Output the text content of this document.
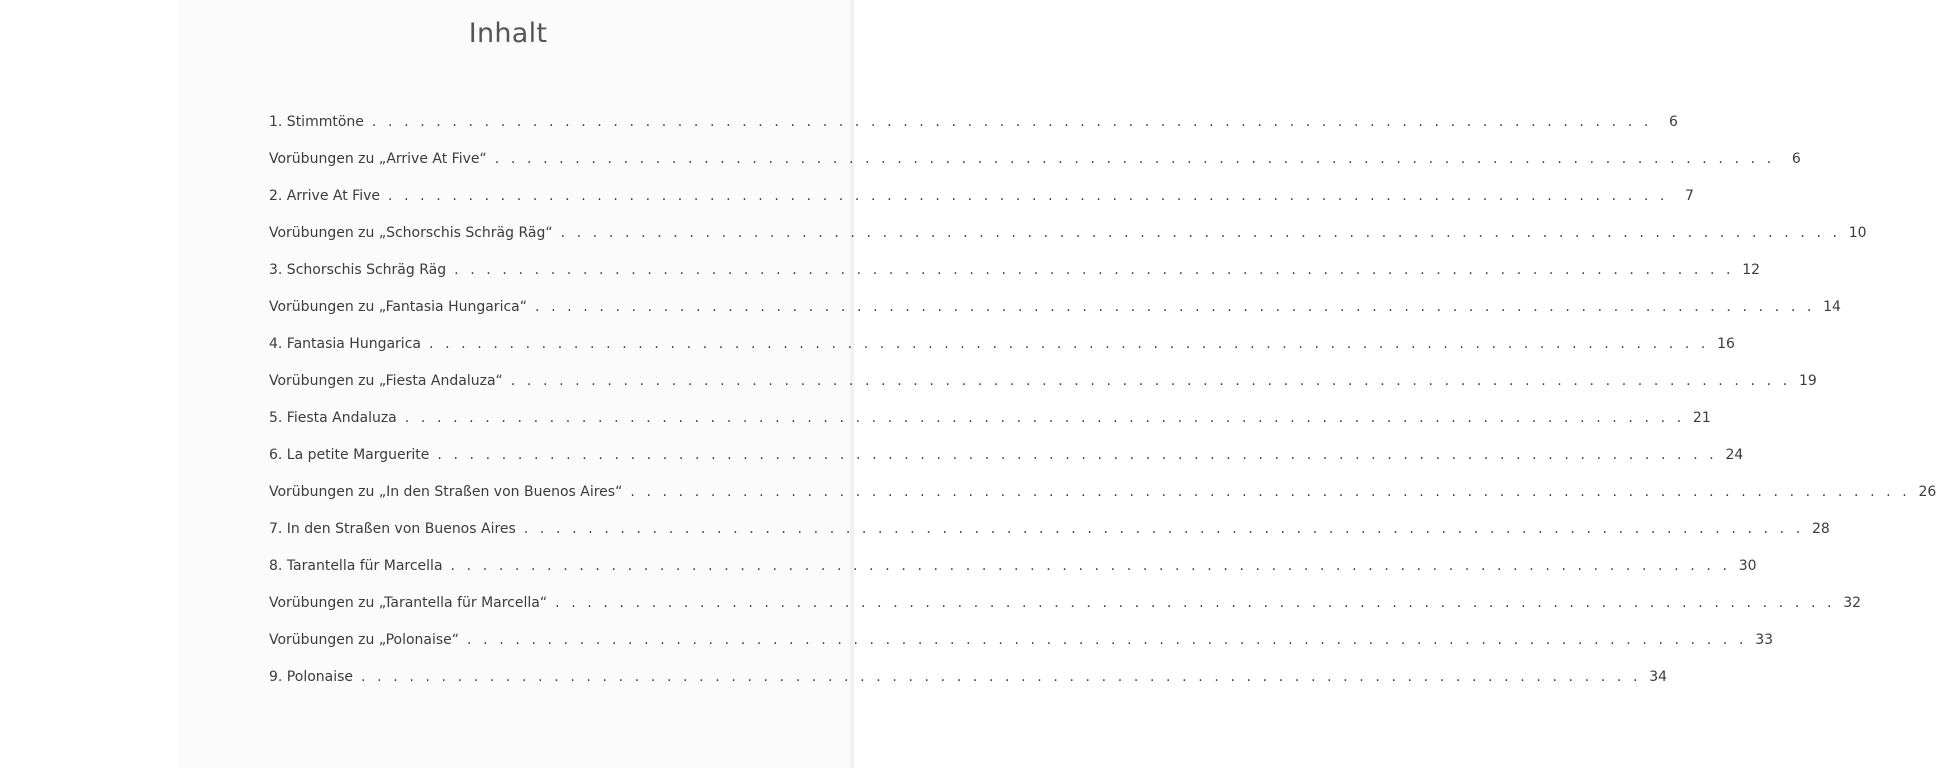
Inhalt
1. Stimmtöne . . . . . . . . . . . . . . . . . . . . . . . . . . . . . . . . . . . . . . . . . . . . . . . . . . . . . . . . . . . . . . . . . . . . . . . . . . . . . . . .	6
Vorübungen zu „Arrive At Five“ . . . . . . . . . . . . . . . . . . . . . . . . . . . . . . . . . . . . . . . . . . . . . . . . . . . . . . . . . . . . . . . . . . . . . . . . . . . . . . . .	6
2. Arrive At Five . . . . . . . . . . . . . . . . . . . . . . . . . . . . . . . . . . . . . . . . . . . . . . . . . . . . . . . . . . . . . . . . . . . . . . . . . . . . . . . .	7
Vorübungen zu „Schorschis Schräg Räg“ . . . . . . . . . . . . . . . . . . . . . . . . . . . . . . . . . . . . . . . . . . . . . . . . . . . . . . . . . . . . . . . . . . . . . . . . . . . . . . . . 10
3. Schorschis Schräg Räg . . . . . . . . . . . . . . . . . . . . . . . . . . . . . . . . . . . . . . . . . . . . . . . . . . . . . . . . . . . . . . . . . . . . . . . . . . . . . . . . 12
Vorübungen zu „Fantasia Hungarica“ . . . . . . . . . . . . . . . . . . . . . . . . . . . . . . . . . . . . . . . . . . . . . . . . . . . . . . . . . . . . . . . . . . . . . . . . . . . . . . . . 14
4. Fantasia Hungarica . . . . . . . . . . . . . . . . . . . . . . . . . . . . . . . . . . . . . . . . . . . . . . . . . . . . . . . . . . . . . . . . . . . . . . . . . . . . . . . . 16
Vorübungen zu „Fiesta Andaluza“ . . . . . . . . . . . . . . . . . . . . . . . . . . . . . . . . . . . . . . . . . . . . . . . . . . . . . . . . . . . . . . . . . . . . . . . . . . . . . . . . 19
5. Fiesta Andaluza . . . . . . . . . . . . . . . . . . . . . . . . . . . . . . . . . . . . . . . . . . . . . . . . . . . . . . . . . . . . . . . . . . . . . . . . . . . . . . . . 21
6. La petite Marguerite . . . . . . . . . . . . . . . . . . . . . . . . . . . . . . . . . . . . . . . . . . . . . . . . . . . . . . . . . . . . . . . . . . . . . . . . . . . . . . . . 24
Vorübungen zu „In den Straßen von Buenos Aires“ . . . . . . . . . . . . . . . . . . . . . . . . . . . . . . . . . . . . . . . . . . . . . . . . . . . . . . . . . . . . . . . . . . . . . . . . . . . . . . . . 26
7. In den Straßen von Buenos Aires . . . . . . . . . . . . . . . . . . . . . . . . . . . . . . . . . . . . . . . . . . . . . . . . . . . . . . . . . . . . . . . . . . . . . . . . . . . . . . . . 28
8. Tarantella für Marcella . . . . . . . . . . . . . . . . . . . . . . . . . . . . . . . . . . . . . . . . . . . . . . . . . . . . . . . . . . . . . . . . . . . . . . . . . . . . . . . . 30
Vorübungen zu „Tarantella für Marcella“ . . . . . . . . . . . . . . . . . . . . . . . . . . . . . . . . . . . . . . . . . . . . . . . . . . . . . . . . . . . . . . . . . . . . . . . . . . . . . . . . 32
Vorübungen zu „Polonaise“ . . . . . . . . . . . . . . . . . . . . . . . . . . . . . . . . . . . . . . . . . . . . . . . . . . . . . . . . . . . . . . . . . . . . . . . . . . . . . . . . 33
9. Polonaise . . . . . . . . . . . . . . . . . . . . . . . . . . . . . . . . . . . . . . . . . . . . . . . . . . . . . . . . . . . . . . . . . . . . . . . . . . . . . . . . 34
